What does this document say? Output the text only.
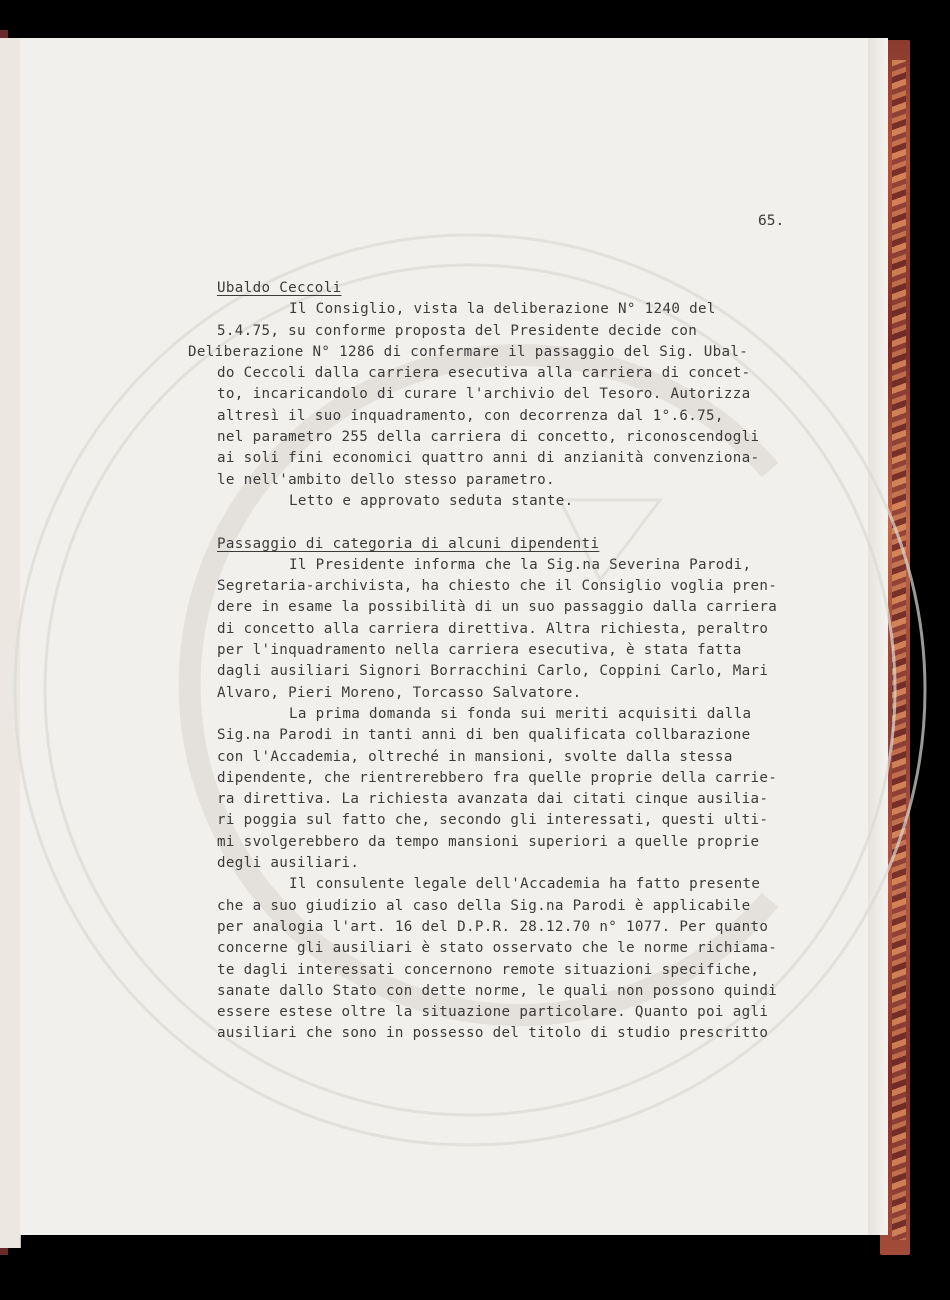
65.
Ubaldo Ceccoli
Il Consiglio, vista la deliberazione N° 1240 del
5.4.75, su conforme proposta del Presidente decide con
Deliberazione N° 1286 di confermare il passaggio del Sig. Ubal-
do Ceccoli dalla carriera esecutiva alla carriera di concet-
to, incaricandolo di curare l'archivio del Tesoro. Autorizza
altresì il suo inquadramento, con decorrenza dal 1°.6.75,
nel parametro 255 della carriera di concetto, riconoscendogli
ai soli fini economici quattro anni di anzianità convenziona-
le nell'ambito dello stesso parametro.
Letto e approvato seduta stante.
Passaggio di categoria di alcuni dipendenti
Il Presidente informa che la Sig.na Severina Parodi,
Segretaria-archivista, ha chiesto che il Consiglio voglia pren-
dere in esame la possibilità di un suo passaggio dalla carriera
di concetto alla carriera direttiva. Altra richiesta, peraltro
per l'inquadramento nella carriera esecutiva, è stata fatta
dagli ausiliari Signori Borracchini Carlo, Coppini Carlo, Mari
Alvaro, Pieri Moreno, Torcasso Salvatore.
La prima domanda si fonda sui meriti acquisiti dalla
Sig.na Parodi in tanti anni di ben qualificata collbarazione
con l'Accademia, oltreché in mansioni, svolte dalla stessa
dipendente, che rientrerebbero fra quelle proprie della carrie-
ra direttiva. La richiesta avanzata dai citati cinque ausilia-
ri poggia sul fatto che, secondo gli interessati, questi ulti-
mi svolgerebbero da tempo mansioni superiori a quelle proprie
degli ausiliari.
Il consulente legale dell'Accademia ha fatto presente
che a suo giudizio al caso della Sig.na Parodi è applicabile
per analogia l'art. 16 del D.P.R. 28.12.70 n° 1077. Per quanto
concerne gli ausiliari è stato osservato che le norme richiama-
te dagli interessati concernono remote situazioni specifiche,
sanate dallo Stato con dette norme, le quali non possono quindi
essere estese oltre la situazione particolare. Quanto poi agli
ausiliari che sono in possesso del titolo di studio prescritto
